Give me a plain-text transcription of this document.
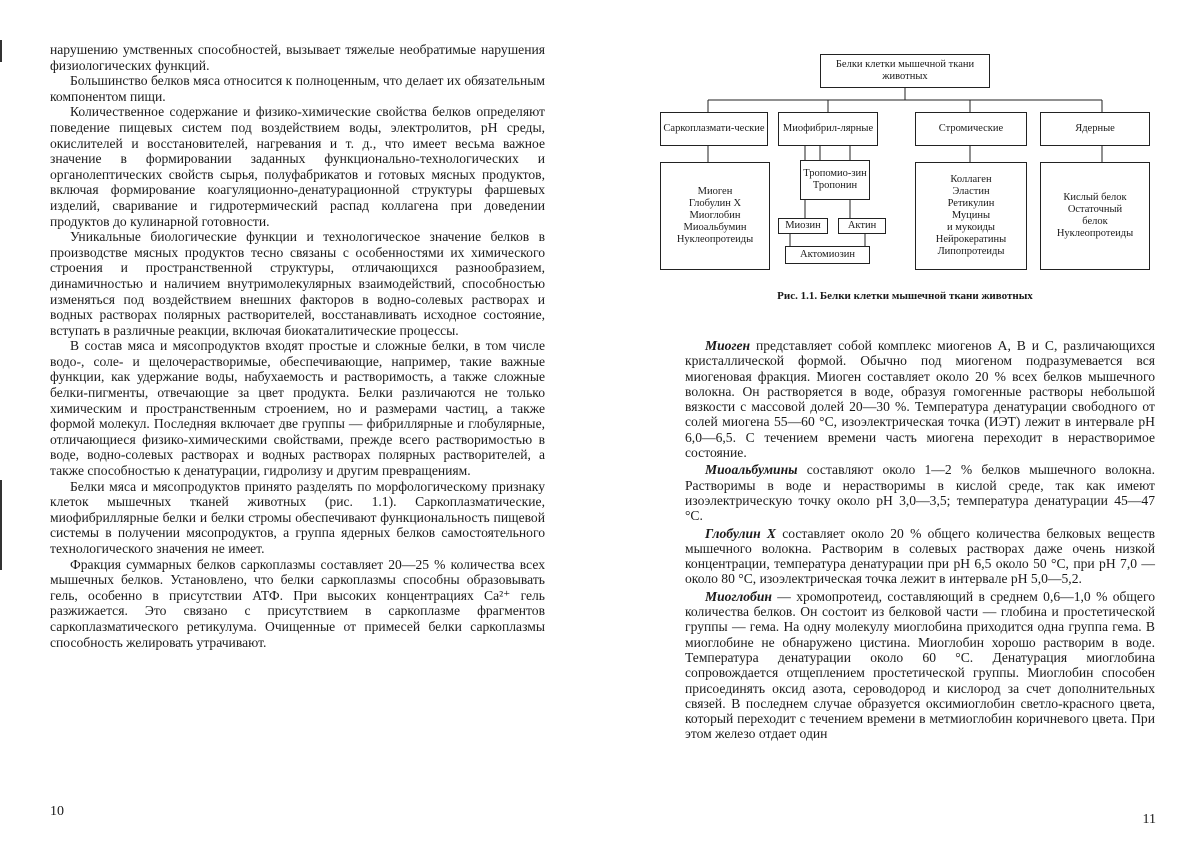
нарушению умственных способностей, вызывает тяжелые необратимые нарушения физиологических функций.

Большинство белков мяса относится к полноценным, что делает их обязательным компонентом пищи.

Количественное содержание и физико-химические свойства белков определяют поведение пищевых систем под воздействием воды, электролитов, pH среды, окислителей и восстановителей, нагревания и т. д., что имеет весьма важное значение в формировании заданных функционально-технологических и органолептических свойств сырья, полуфабрикатов и готовых мясных продуктов, включая формирование коагуляционно-денатурационной структуры фаршевых изделий, сваривание и гидротермический распад коллагена при доведении продуктов до кулинарной готовности.

Уникальные биологические функции и технологическое значение белков в производстве мясных продуктов тесно связаны с особенностями их химического строения и пространственной структуры, отличающихся разнообразием, динамичностью и наличием внутримолекулярных взаимодействий, способностью изменяться под воздействием внешних факторов в водно-солевых растворах и водных растворах полярных растворителей, восстанавливать исходное состояние, вступать в различные реакции, включая биокаталитические процессы.

В состав мяса и мясопродуктов входят простые и сложные белки, в том числе водо-, соле- и щелочерастворимые, обеспечивающие, например, такие важные функции, как удержание воды, набухаемость и растворимость, а также сложные белки-пигменты, отвечающие за цвет продукта. Белки различаются не только химическим и пространственным строением, но и размерами частиц, а также формой молекул. Последняя включает две группы — фибриллярные и глобулярные, отличающиеся физико-химическими свойствами, прежде всего растворимостью в воде, водно-солевых растворах и водных растворах полярных растворителей, а также способностью к денатурации, гидролизу и другим превращениям.

Белки мяса и мясопродуктов принято разделять по морфологическому признаку клеток мышечных тканей животных (рис. 1.1). Саркоплазматические, миофибриллярные белки и белки стромы обеспечивают функциональность пищевой системы в получении мясопродуктов, а группа ядерных белков самостоятельного технологического значения не имеет.

Фракция суммарных белков саркоплазмы составляет 20—25 % количества всех мышечных белков. Установлено, что белки саркоплазмы способны образовывать гель, особенно в присутствии АТФ. При высоких концентрациях Ca²⁺ гель разжижается. Это связано с присутствием в саркоплазме фрагментов саркоплазматического ретикулума. Очищенные от примесей белки саркоплазмы способность желировать утрачивают.

10
Белки клетки мышечной ткани животных
Саркоплазмати-ческие Миофибрил-лярные	Стромические	Ядерные
Миоген
Глобулин Х
Миоглобин
Миоальбумин
Нуклеопротеиды
Тропомио-зин
Тропонин
Миозин	Актин
Актомиозин
Коллаген
Эластин
Ретикулин
Муцины
и мукоиды
Нейрокератины
Липопротеиды
Кислый белок
Остаточный
белок
Нуклеопротеиды
Рис. 1.1. Белки клетки мышечной ткани животных

Миоген представляет собой комплекс миогенов А, В и С, различающихся кристаллической формой. Обычно под миогеном подразумевается вся миогеновая фракция. Миоген составляет около 20 % всех белков мышечного волокна. Он растворяется в воде, образуя гомогенные растворы небольшой вязкости с массовой долей 20—30 %. Температура денатурации свободного от солей миогена 55—60 °С, изоэлектрическая точка (ИЭТ) лежит в интервале pH 6,0—6,5. С течением времени часть миогена переходит в нерастворимое состояние.

Миоальбумины составляют около 1—2 % белков мышечного волокна. Растворимы в воде и нерастворимы в кислой среде, так как имеют изоэлектрическую точку около pH 3,0—3,5; температура денатурации 45—47 °С.

Глобулин Х составляет около 20 % общего количества белковых веществ мышечного волокна. Растворим в солевых растворах даже очень низкой концентрации, температура денатурации при pH 6,5 около 50 °С, при pH 7,0 — около 80 °С, изоэлектрическая точка лежит в интервале pH 5,0—5,2.

Миоглобин — хромопротеид, составляющий в среднем 0,6—1,0 % общего количества белков. Он состоит из белковой части — глобина и простетической группы — гема. На одну молекулу миоглобина приходится одна группа гема. В миоглобине не обнаружено цистина. Миоглобин хорошо растворим в воде. Температура денатурации около 60 °С. Денатурация миоглобина сопровождается отщеплением простетической группы. Миоглобин способен присоединять оксид азота, сероводород и кислород за счет дополнительных связей. В последнем случае образуется оксимиоглобин светло-красного цвета, который переходит с течением времени в метмиоглобин коричневого цвета. При этом железо отдает один

11
